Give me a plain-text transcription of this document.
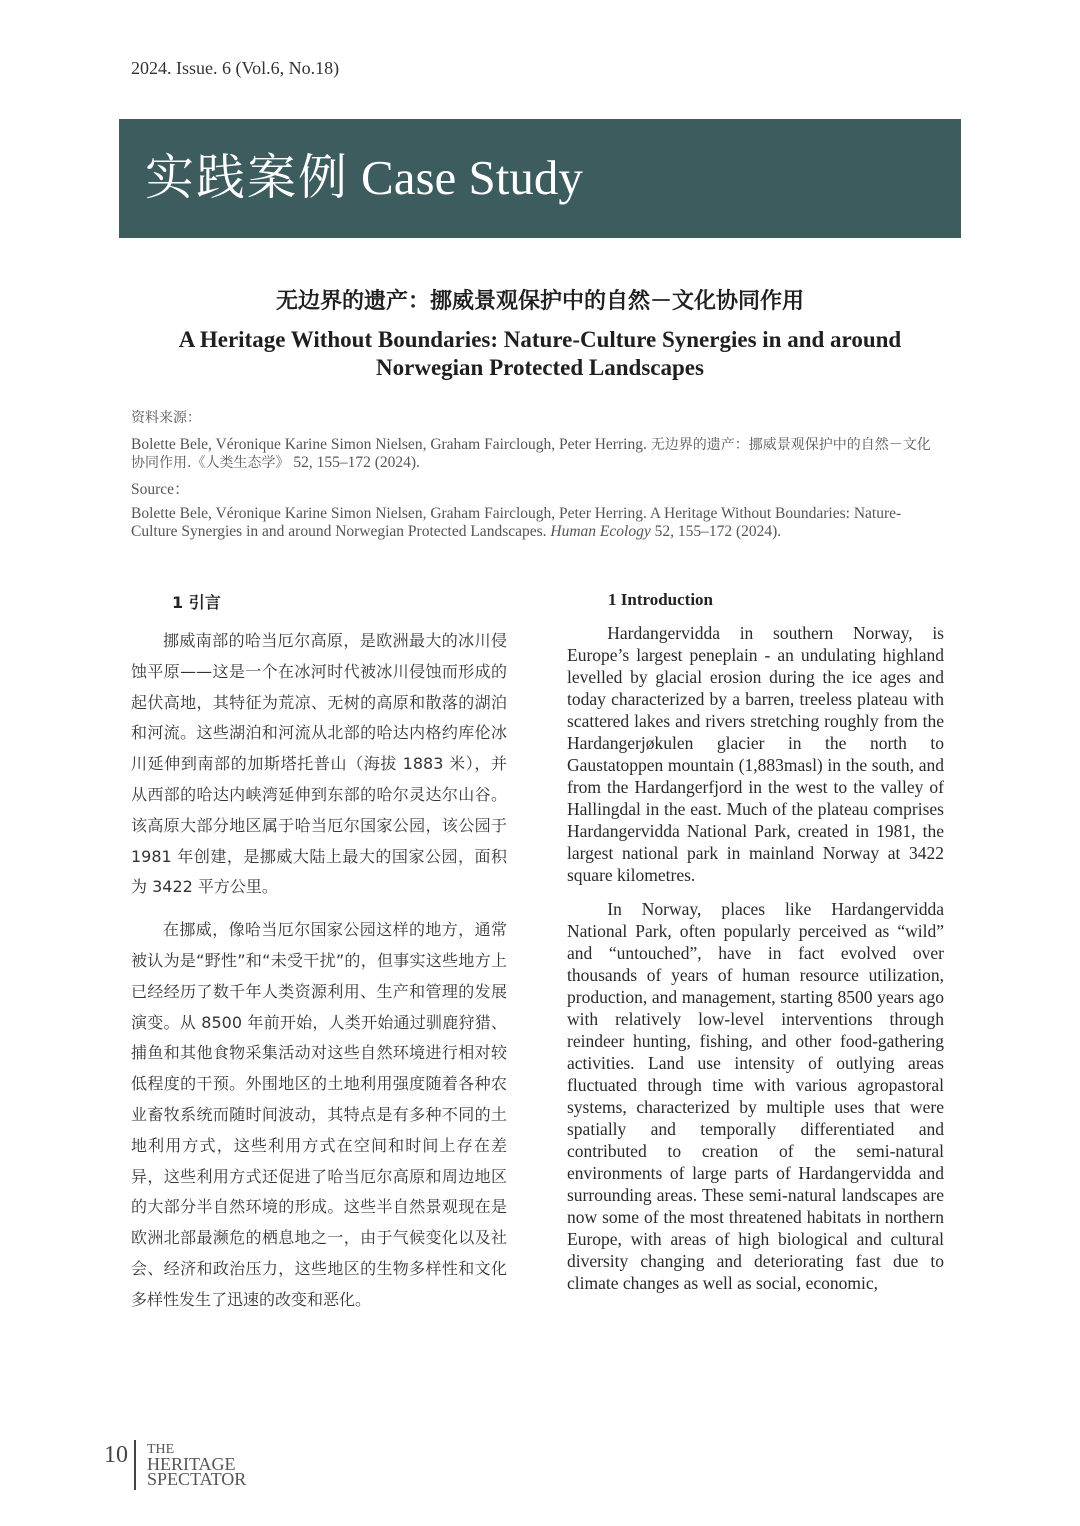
2024. Issue. 6 (Vol.6, No.18)
实践案例 Case Study
无边界的遗产：挪威景观保护中的自然－文化协同作用
A Heritage Without Boundaries: Nature-Culture Synergies in and around Norwegian Protected Landscapes
资料来源：
Bolette Bele, Véronique Karine Simon Nielsen, Graham Fairclough, Peter Herring. 无边界的遗产：挪威景观保护中的自然－文化协同作用.《人类生态学》 52, 155–172 (2024).
Source：
Bolette Bele, Véronique Karine Simon Nielsen, Graham Fairclough, Peter Herring. A Heritage Without Boundaries: Nature-Culture Synergies in and around Norwegian Protected Landscapes. Human Ecology 52, 155–172 (2024).
1 引言	1 Introduction

挪威南部的哈当厄尔高原，是欧洲最大的冰川侵蚀平原——这是一个在冰河时代被冰川侵蚀而形成的起伏高地，其特征为荒凉、无树的高原和散落的湖泊和河流。这些湖泊和河流从北部的哈达内格约库伦冰川延伸到南部的加斯塔托普山（海拔 1883 米），并从西部的哈达内峡湾延伸到东部的哈尔灵达尔山谷。该高原大部分地区属于哈当厄尔国家公园，该公园于 1981 年创建，是挪威大陆上最大的国家公园，面积为 3422 平方公里。

在挪威，像哈当厄尔国家公园这样的地方，通常被认为是“野性”和“未受干扰”的，但事实这些地方上已经经历了数千年人类资源利用、生产和管理的发展演变。从 8500 年前开始，人类开始通过驯鹿狩猎、捕鱼和其他食物采集活动对这些自然环境进行相对较低程度的干预。外围地区的土地利用强度随着各种农业畜牧系统而随时间波动，其特点是有多种不同的土地利用方式，这些利用方式在空间和时间上存在差异，这些利用方式还促进了哈当厄尔高原和周边地区的大部分半自然环境的形成。这些半自然景观现在是欧洲北部最濒危的栖息地之一，由于气候变化以及社会、经济和政治压力，这些地区的生物多样性和文化多样性发生了迅速的改变和恶化。

Hardangervidda in southern Norway, is Europe’s largest peneplain - an undulating highland levelled by glacial erosion during the ice ages and today characterized by a barren, treeless plateau with scattered lakes and rivers stretching roughly from the Hardangerjøkulen glacier in the north to Gaustatoppen mountain (1,883masl) in the south, and from the Hardangerfjord in the west to the valley of Hallingdal in the east. Much of the plateau comprises Hardangervidda National Park, created in 1981, the largest national park in mainland Norway at 3422 square kilometres.

In Norway, places like Hardangervidda National Park, often popularly perceived as “wild” and “untouched”, have in fact evolved over thousands of years of human resource utilization, production, and management, starting 8500 years ago with relatively low-level interventions through reindeer hunting, fishing, and other food-gathering activities. Land use intensity of outlying areas fluctuated through time with various agropastoral systems, characterized by multiple uses that were spatially and temporally differentiated and contributed to creation of the semi-natural environments of large parts of Hardangervidda and surrounding areas. These semi-natural landscapes are now some of the most threatened habitats in northern Europe, with areas of high biological and cultural diversity changing and deteriorating fast due to climate changes as well as social, economic,

10 THE
HERITAGE
SPECTATOR
